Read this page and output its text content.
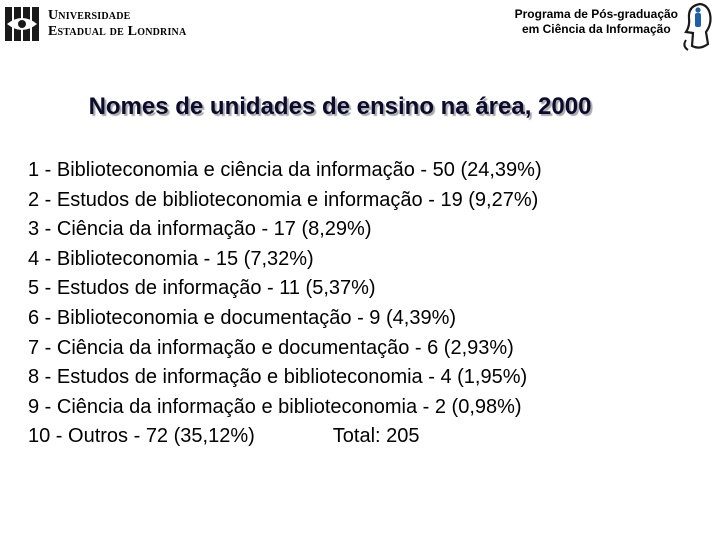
Universidade
Estadual de Londrina
Programa de Pós-graduação
em Ciência da Informação
Nomes de unidades de ensino na área, 2000
1 - Biblioteconomia e ciência da informação - 50 (24,39%)
2 - Estudos de biblioteconomia e informação - 19 (9,27%)
3 - Ciência da informação - 17 (8,29%)
4 - Biblioteconomia - 15 (7,32%)
5 - Estudos de informação - 11 (5,37%)
6 - Biblioteconomia e documentação - 9 (4,39%)
7 - Ciência da informação e documentação - 6 (2,93%)
8 - Estudos de informação e biblioteconomia - 4 (1,95%)
9 - Ciência da informação e biblioteconomia - 2 (0,98%)
10 - Outros - 72 (35,12%)	Total: 205
